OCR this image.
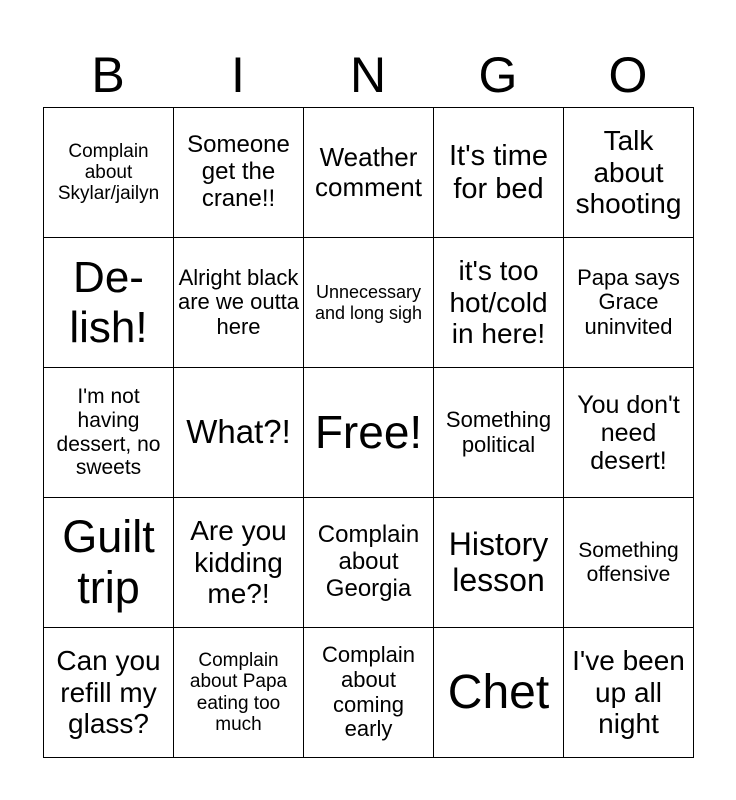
B	I	N	G	O
Complain about Skylar/jailyn	Someone get the crane!!	Weather comment	It's time for bed	Talk about shooting
De-lish!	Alright black are we outta here	Unnecessary and long sigh	it's too hot/cold in here!	Papa says Grace uninvited
I'm not having dessert, no sweets	What?!	Free!	Something political	You don't need desert!
Guilt trip	Are you kidding me?!	Complain about Georgia	History lesson	Something offensive
Can you refill my glass?	Complain about Papa eating too much	Complain about coming early	Chet	I've been up all night
